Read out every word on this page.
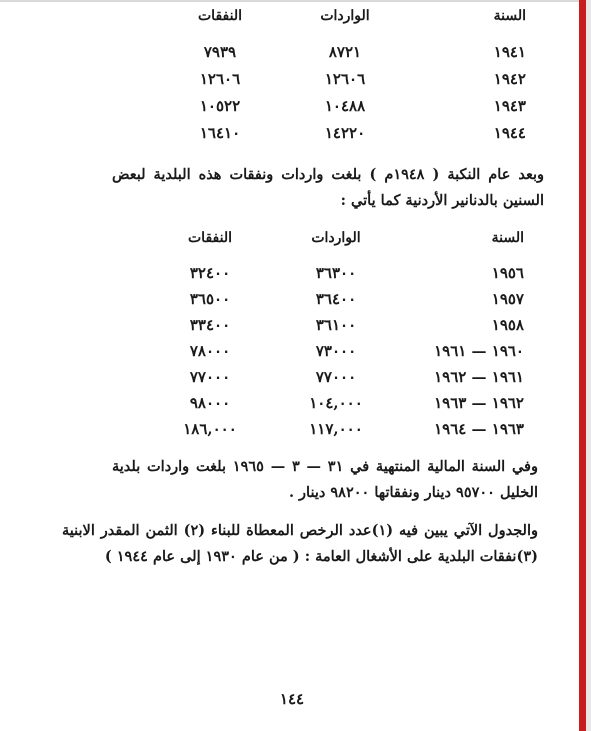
السنة
الواردات
النفقات
١٩٤١
٨٧٢١
٧٩٣٩
١٩٤٢
١٢٦٠٦
١٢٦٠٦
١٩٤٣
١٠٤٨٨
١٠٥٢٢
١٩٤٤
١٤٢٢٠
١٦٤١٠
وبعد عام النكبة ( ١٩٤٨م ) بلغت واردات ونفقات هذه البلدية لبعض السنين بالدنانير الأردنية كما يأتي :
السنة
الواردات
النفقات
١٩٥٦
٣٦٣٠٠
٣٢٤٠٠
١٩٥٧
٣٦٤٠٠
٣٦٥٠٠
١٩٥٨
٣٦١٠٠
٣٣٤٠٠
١٩٦٠ — ١٩٦١
٧٣٠٠٠
٧٨٠٠٠
١٩٦١ — ١٩٦٢
٧٧٠٠٠
٧٧٠٠٠
١٩٦٢ — ١٩٦٣
١٠٤,٠٠٠
٩٨٠٠٠
١٩٦٣ — ١٩٦٤
١١٧,٠٠٠
١٨٦,٠٠٠
وفي السنة المالية المنتهية في ٣١ — ٣ — ١٩٦٥ بلغت واردات بلدية الخليل ٩٥٧٠٠ دينار ونفقاتها ٩٨٢٠٠ دينار .
والجدول الآتي يبين فيه (١)عدد الرخص المعطاة للبناء (٢) الثمن المقدر الابنية (٣)نفقات البلدية على الأشغال العامة : ( من عام ١٩٣٠ إلى عام ١٩٤٤ )
١٤٤
